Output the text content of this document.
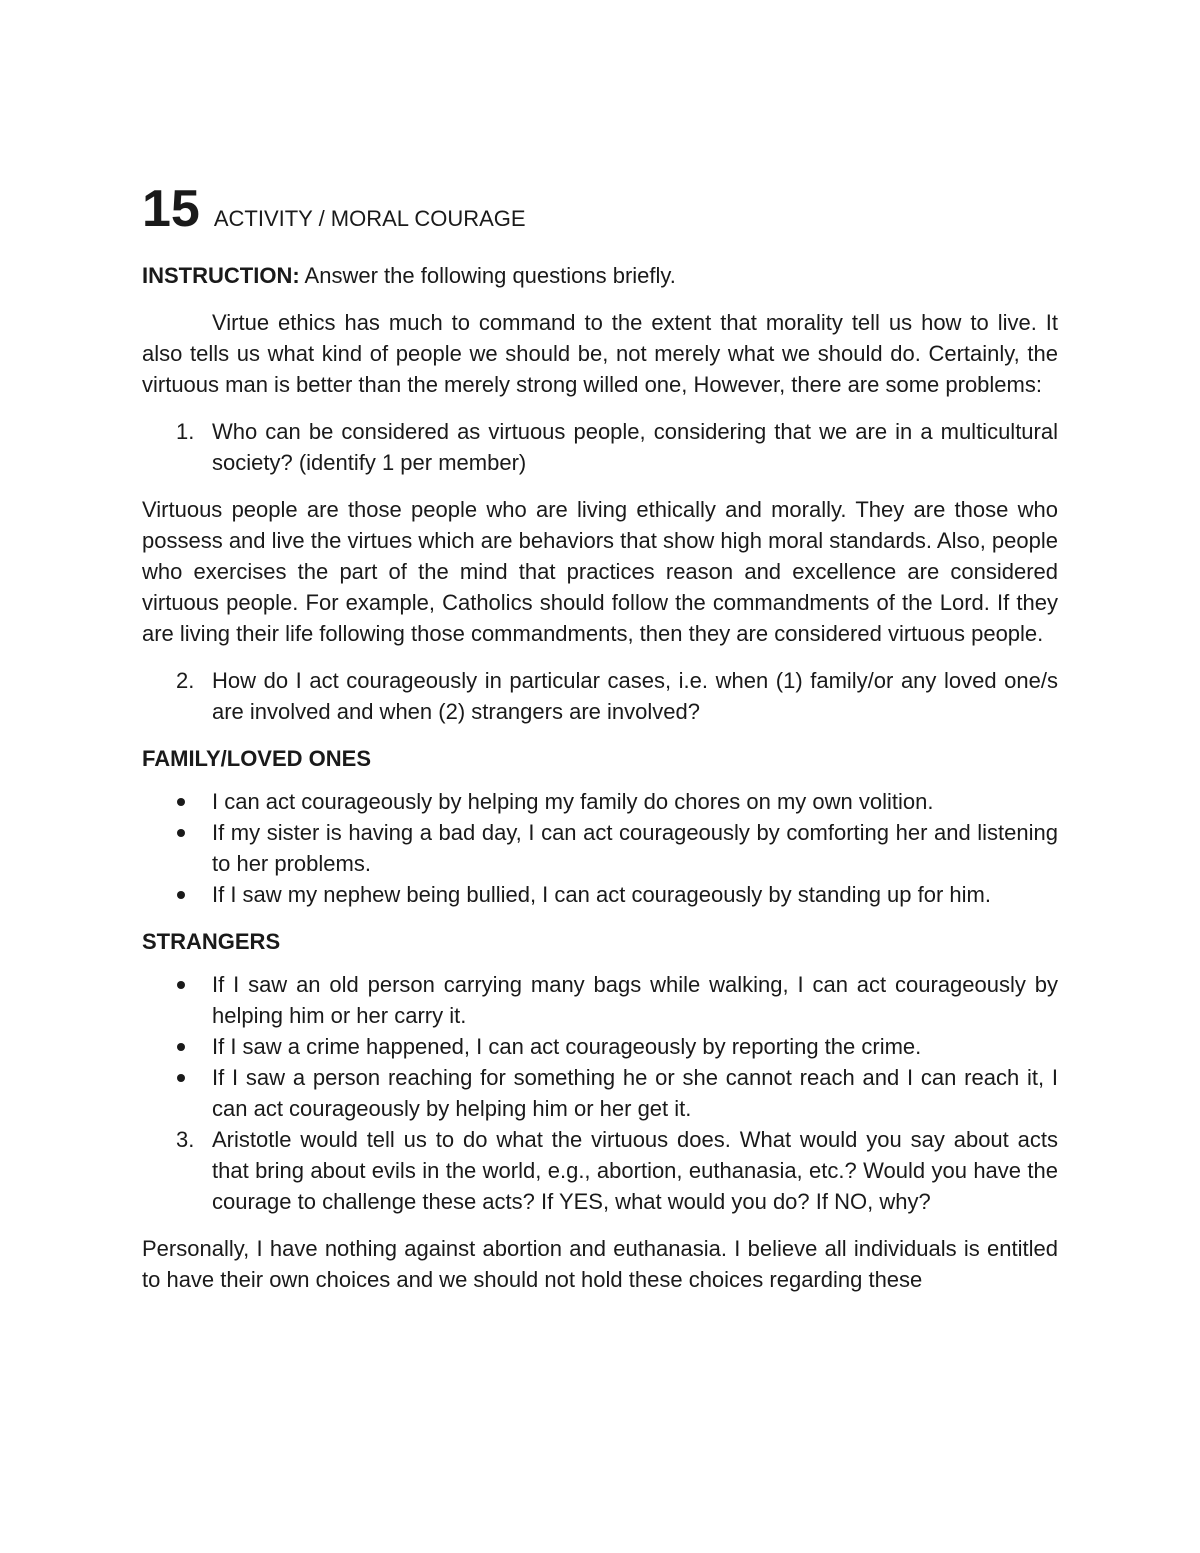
15 ACTIVITY / MORAL COURAGE

INSTRUCTION: Answer the following questions briefly.

Virtue ethics has much to command to the extent that morality tell us how to live. It also tells us what kind of people we should be, not merely what we should do. Certainly, the virtuous man is better than the merely strong willed one, However, there are some problems:

1. Who can be considered as virtuous people, considering that we are in a multicultural society? (identify 1 per member)

Virtuous people are those people who are living ethically and morally. They are those who possess and live the virtues which are behaviors that show high moral standards. Also, people who exercises the part of the mind that practices reason and excellence are considered virtuous people. For example, Catholics should follow the commandments of the Lord. If they are living their life following those commandments, then they are considered virtuous people.

2. How do I act courageously in particular cases, i.e. when (1) family/or any loved one/s are involved and when (2) strangers are involved?
FAMILY/LOVED ONES
I can act courageously by helping my family do chores on my own volition.
If my sister is having a bad day, I can act courageously by comforting her and listening to her problems.
If I saw my nephew being bullied, I can act courageously by standing up for him.
STRANGERS
If I saw an old person carrying many bags while walking, I can act courageously by helping him or her carry it.
If I saw a crime happened, I can act courageously by reporting the crime.
If I saw a person reaching for something he or she cannot reach and I can reach it, I can act courageously by helping him or her get it.
3. Aristotle would tell us to do what the virtuous does. What would you say about acts that bring about evils in the world, e.g., abortion, euthanasia, etc.? Would you have the courage to challenge these acts? If YES, what would you do? If NO, why?

Personally, I have nothing against abortion and euthanasia. I believe all individuals is entitled to have their own choices and we should not hold these choices regarding these
